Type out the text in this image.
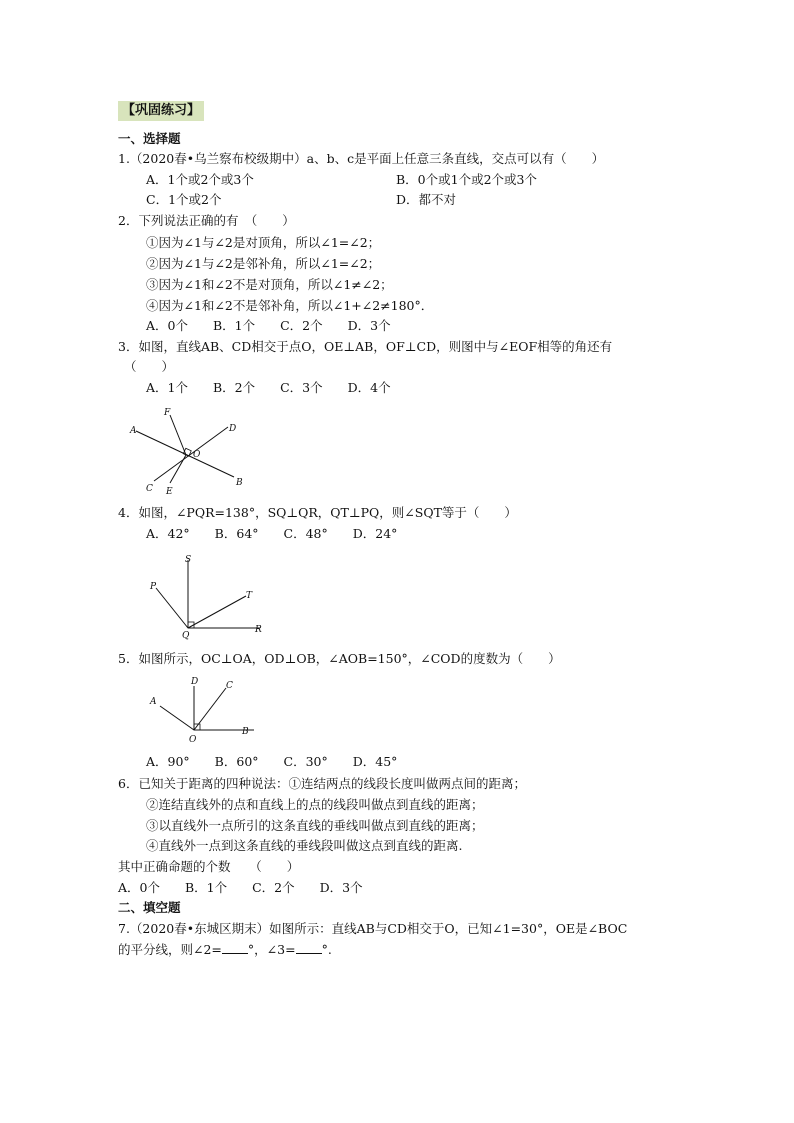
【巩固练习】
一、选择题
1.（2020春•乌兰察布校级期中）a、b、c是平面上任意三条直线，交点可以有（　　）
A．1个或2个或3个	B．0个或1个或2个或3个
C．1个或2个	D．都不对
2．下列说法正确的有　（　　）
①因为∠1与∠2是对顶角，所以∠1=∠2；
②因为∠1与∠2是邻补角，所以∠1=∠2；
③因为∠1和∠2不是对顶角，所以∠1≠∠2；
④因为∠1和∠2不是邻补角，所以∠1+∠2≠180°．
A．0个　　B．1个　　C．2个　　D．3个
3．如图，直线AB、CD相交于点O，OE⊥AB，OF⊥CD，则图中与∠EOF相等的角还有
（　　）
A．1个　　B．2个　　C．3个　　D．4个
A
B
C
D
E
F
O
4．如图，∠PQR=138°，SQ⊥QR，QT⊥PQ，则∠SQT等于（　　）
A．42°　　B．64°　　C．48°　　D．24°
S
P
T
Q
R
5．如图所示，OC⊥OA，OD⊥OB，∠AOB=150°，∠COD的度数为（　　）
D	C
A
O
B
A．90°　　B．60°　　C．30°　　D．45°
6．已知关于距离的四种说法：①连结两点的线段长度叫做两点间的距离；
②连结直线外的点和直线上的点的线段叫做点到直线的距离；
③以直线外一点所引的这条直线的垂线叫做点到直线的距离；
④直线外一点到这条直线的垂线段叫做这点到直线的距离.
其中正确命题的个数　　（　　）
A．0个　　B．1个　　C．2个　　D．3个
二、填空题
7.（2020春•东城区期末）如图所示：直线AB与CD相交于O，已知∠1=30°，OE是∠BOC
的平分线，则∠2= °，∠3= °.
